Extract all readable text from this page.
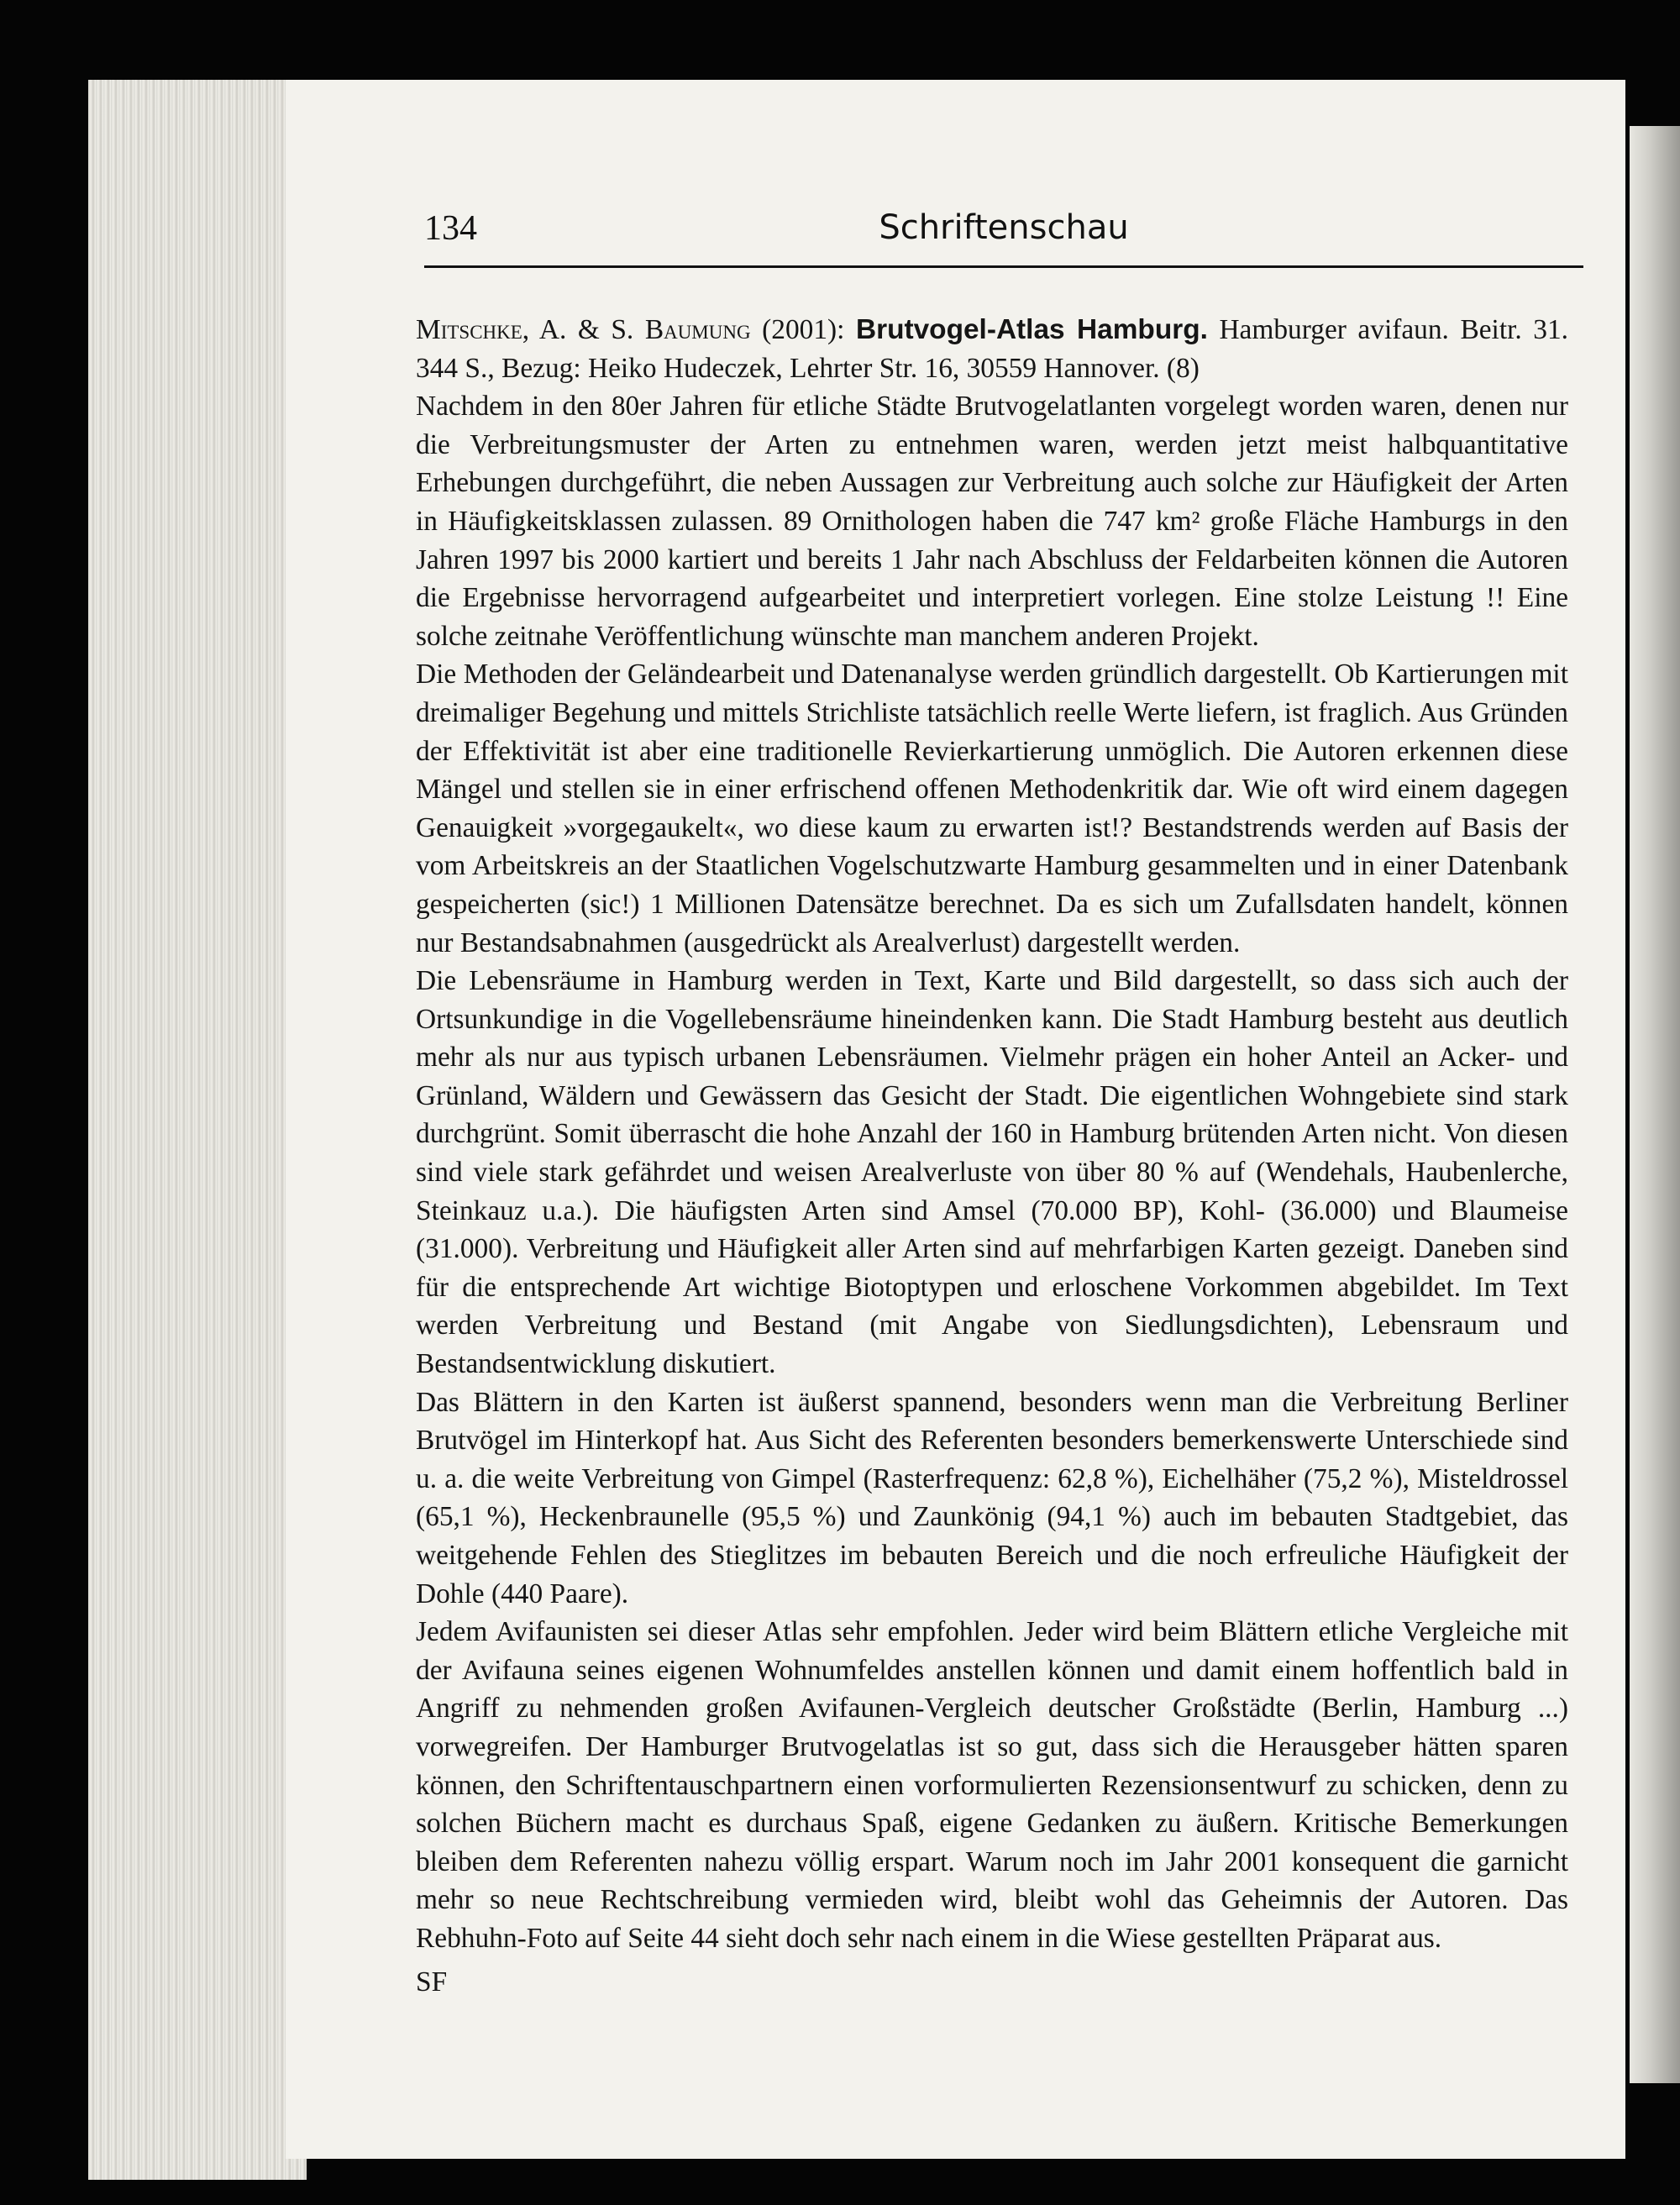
134	Schriftenschau

Mitschke, A. & S. Baumung (2001): Brutvogel-Atlas Hamburg. Hamburger avifaun. Beitr. 31. 344 S., Bezug: Heiko Hudeczek, Lehrter Str. 16, 30559 Hannover. (8)

Nachdem in den 80er Jahren für etliche Städte Brutvogelatlanten vorgelegt worden waren, denen nur die Verbreitungsmuster der Arten zu entnehmen waren, werden jetzt meist halbquantitative Erhebungen durchgeführt, die neben Aussagen zur Verbreitung auch solche zur Häufigkeit der Arten in Häufigkeitsklassen zulassen. 89 Ornithologen haben die 747 km² große Fläche Hamburgs in den Jahren 1997 bis 2000 kartiert und bereits 1 Jahr nach Abschluss der Feldarbeiten können die Autoren die Ergebnisse hervorragend aufgearbeitet und interpretiert vorlegen. Eine stolze Leistung !! Eine solche zeitnahe Veröffentlichung wünschte man manchem anderen Projekt.

Die Methoden der Geländearbeit und Datenanalyse werden gründlich dargestellt. Ob Kartierungen mit dreimaliger Begehung und mittels Strichliste tatsächlich reelle Werte liefern, ist fraglich. Aus Gründen der Effektivität ist aber eine traditionelle Revierkartierung unmöglich. Die Autoren erkennen diese Mängel und stellen sie in einer erfrischend offenen Methodenkritik dar. Wie oft wird einem dagegen Genauigkeit »vorgegaukelt«, wo diese kaum zu erwarten ist!? Bestandstrends werden auf Basis der vom Arbeitskreis an der Staatlichen Vogelschutzwarte Hamburg gesammelten und in einer Datenbank gespeicherten (sic!) 1 Millionen Datensätze berechnet. Da es sich um Zufallsdaten handelt, können nur Bestandsabnahmen (ausgedrückt als Arealverlust) dargestellt werden.

Die Lebensräume in Hamburg werden in Text, Karte und Bild dargestellt, so dass sich auch der Ortsunkundige in die Vogellebensräume hineindenken kann. Die Stadt Hamburg besteht aus deutlich mehr als nur aus typisch urbanen Lebensräumen. Vielmehr prägen ein hoher Anteil an Acker- und Grünland, Wäldern und Gewässern das Gesicht der Stadt. Die eigentlichen Wohngebiete sind stark durchgrünt. Somit überrascht die hohe Anzahl der 160 in Hamburg brütenden Arten nicht. Von diesen sind viele stark gefährdet und weisen Arealverluste von über 80 % auf (Wendehals, Haubenlerche, Steinkauz u.a.). Die häufigsten Arten sind Amsel (70.000 BP), Kohl- (36.000) und Blaumeise (31.000). Verbreitung und Häufigkeit aller Arten sind auf mehrfarbigen Karten gezeigt. Daneben sind für die entsprechende Art wichtige Biotoptypen und erloschene Vorkommen abgebildet. Im Text werden Verbreitung und Bestand (mit Angabe von Siedlungsdichten), Lebensraum und Bestandsentwicklung diskutiert.

Das Blättern in den Karten ist äußerst spannend, besonders wenn man die Verbreitung Berliner Brutvögel im Hinterkopf hat. Aus Sicht des Referenten besonders bemerkenswerte Unterschiede sind u. a. die weite Verbreitung von Gimpel (Rasterfrequenz: 62,8 %), Eichelhäher (75,2 %), Misteldrossel (65,1 %), Heckenbraunelle (95,5 %) und Zaunkönig (94,1 %) auch im bebauten Stadtgebiet, das weitgehende Fehlen des Stieglitzes im bebauten Bereich und die noch erfreuliche Häufigkeit der Dohle (440 Paare).

Jedem Avifaunisten sei dieser Atlas sehr empfohlen. Jeder wird beim Blättern etliche Vergleiche mit der Avifauna seines eigenen Wohnumfeldes anstellen können und damit einem hoffentlich bald in Angriff zu nehmenden großen Avifaunen-Vergleich deutscher Großstädte (Berlin, Hamburg ...) vorwegreifen. Der Hamburger Brutvogelatlas ist so gut, dass sich die Herausgeber hätten sparen können, den Schriftentauschpartnern einen vorformulierten Rezensionsentwurf zu schicken, denn zu solchen Büchern macht es durchaus Spaß, eigene Gedanken zu äußern. Kritische Bemerkungen bleiben dem Referenten nahezu völlig erspart. Warum noch im Jahr 2001 konsequent die garnicht mehr so neue Rechtschreibung vermieden wird, bleibt wohl das Geheimnis der Autoren. Das Rebhuhn-Foto auf Seite 44 sieht doch sehr nach einem in die Wiese gestellten Präparat aus.

SF
